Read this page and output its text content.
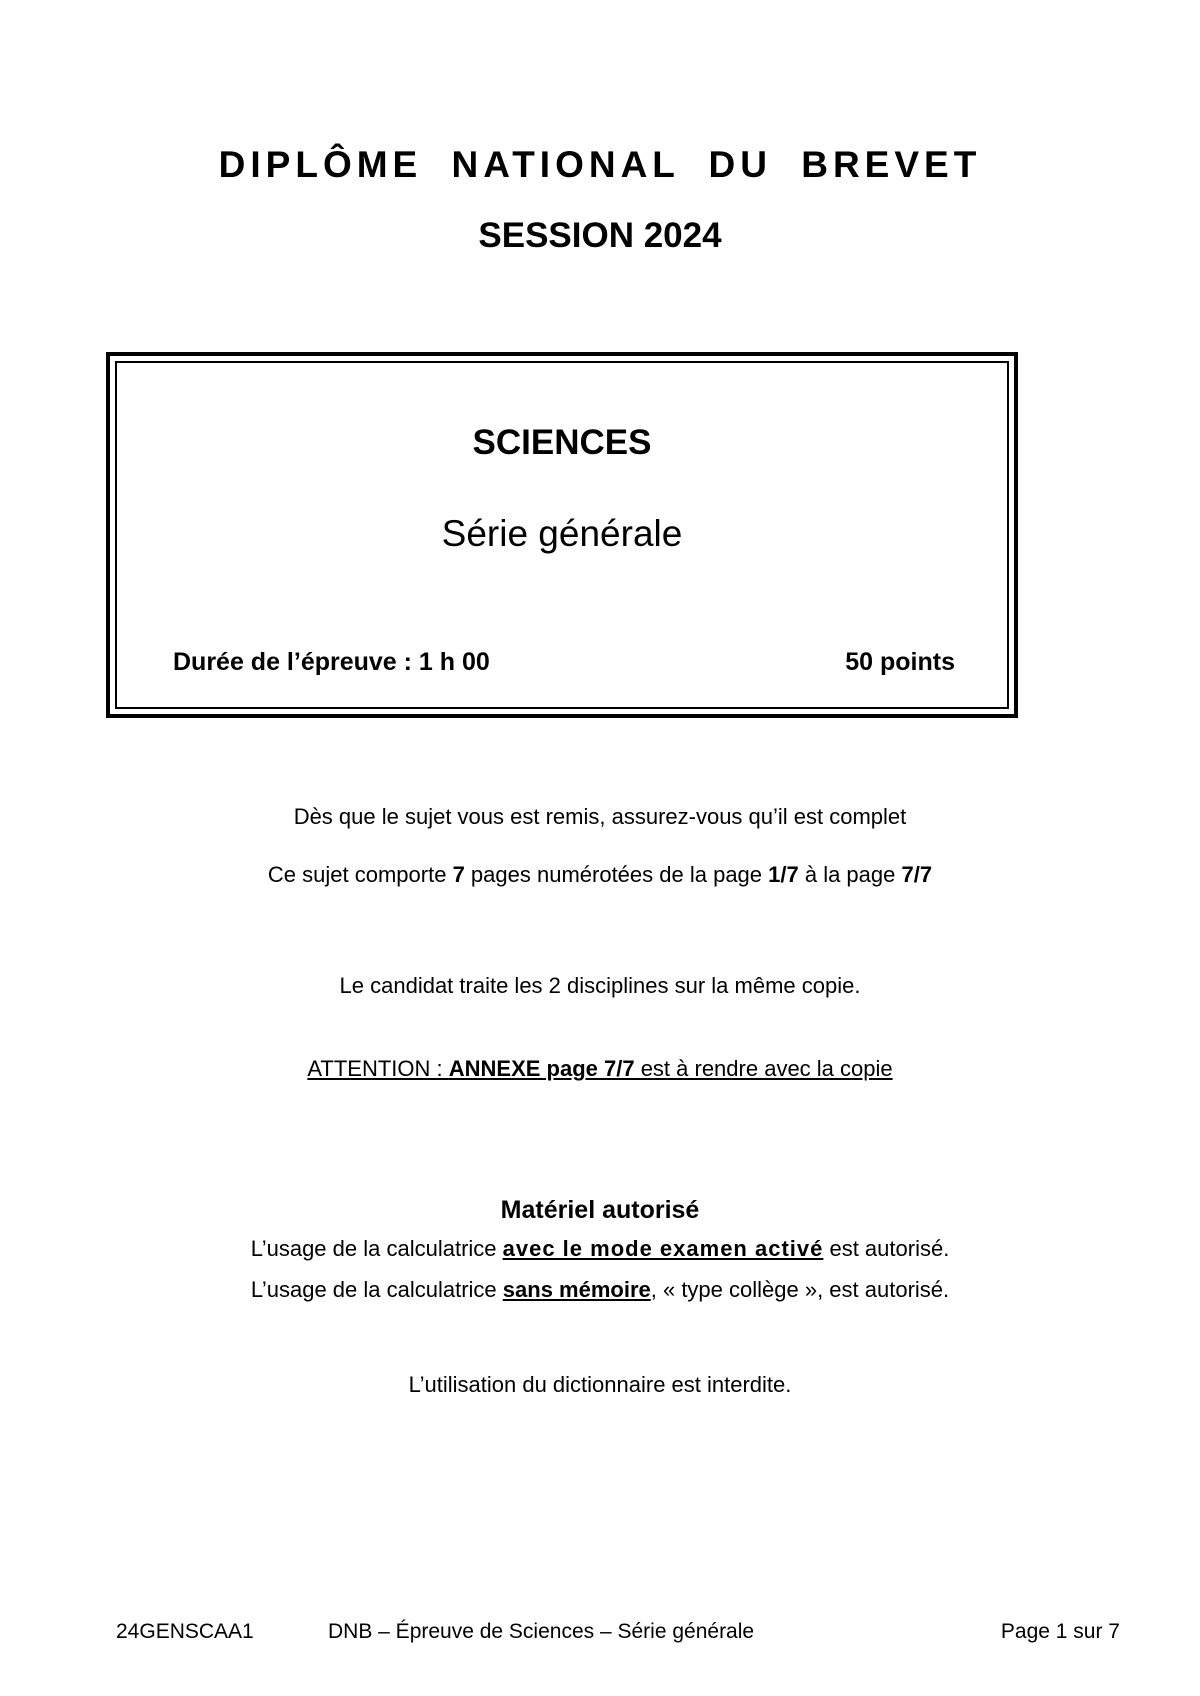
DIPLÔME NATIONAL DU BREVET
SESSION 2024
SCIENCES
Série générale
Durée de l’épreuve : 1 h 00	50 points
Dès que le sujet vous est remis, assurez-vous qu’il est complet
Ce sujet comporte 7 pages numérotées de la page 1/7 à la page 7/7
Le candidat traite les 2 disciplines sur la même copie.
ATTENTION : ANNEXE page 7/7 est à rendre avec la copie
Matériel autorisé
L’usage de la calculatrice avec le mode examen activé est autorisé.
L’usage de la calculatrice sans mémoire, « type collège », est autorisé.
L’utilisation du dictionnaire est interdite.
24GENSCAA1	DNB – Épreuve de Sciences – Série générale	Page 1 sur 7
